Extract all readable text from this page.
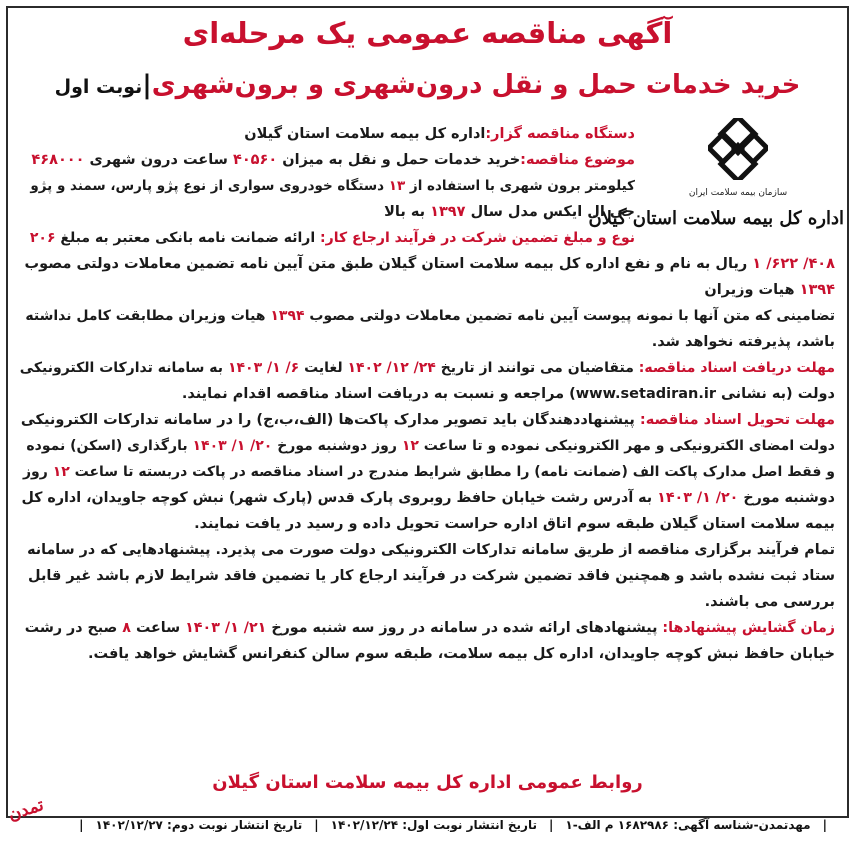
آگهی مناقصه عمومی یک مرحله‌ای
خرید خدمات حمل و نقل درون‌شهری و برون‌شهری|نوبت اول
سازمان بیمه سلامت ایران
اداره کل بیمه سلامت استان گیلان
دستگاه مناقصه گزار:اداره کل بیمه سلامت استان گیلان
موضوع مناقصه:خرید خدمات حمل و نقل به میزان ۴۰۵۶۰ ساعت درون شهری ۴۶۸۰۰۰
کیلومتر برون شهری با استفاده از ۱۳ دستگاه خودروی سواری از نوع پژو پارس، سمند و پژو
جی ال ایکس مدل سال ۱۳۹۷ به بالا
نوع و مبلغ تضمین شرکت در فرآیند ارجاع کار: ارائه ضمانت نامه بانکی معتبر به مبلغ ۲۰۶
۴۰۸/ ۶۲۲/ ۱ ریال به نام و نفع اداره کل بیمه سلامت استان گیلان طبق متن آیین نامه تضمین معاملات دولتی مصوب
۱۳۹۴ هیات وزیران
تضامینی که متن آنها با نمونه پیوست آیین نامه تضمین معاملات دولتی مصوب ۱۳۹۴ هیات وزیران مطابقت کامل نداشته
باشد، پذیرفته نخواهد شد.
مهلت دریافت اسناد مناقصه: متقاضیان می توانند از تاریخ ۲۴/ ۱۲/ ۱۴۰۲ لغایت ۶/ ۱/ ۱۴۰۳ به سامانه تدارکات الکترونیکی
دولت (به نشانی www.setadiran.ir) مراجعه و نسبت به دریافت اسناد مناقصه اقدام نمایند.
مهلت تحویل اسناد مناقصه: پیشنهاددهندگان باید تصویر مدارک پاکت‌ها (الف،ب،ج) را در سامانه تدارکات الکترونیکی
دولت امضای الکترونیکی و مهر الکترونیکی نموده و تا ساعت ۱۲ روز دوشنبه مورخ ۲۰/ ۱/ ۱۴۰۳ بارگذاری (اسکن) نموده
و فقط اصل مدارک پاکت الف (ضمانت نامه) را مطابق شرایط مندرج در اسناد مناقصه در پاکت دربسته تا ساعت ۱۲ روز
دوشنبه مورخ ۲۰/ ۱/ ۱۴۰۳ به آدرس رشت خیابان حافظ روبروی پارک قدس (پارک شهر) نبش کوچه جاویدان، اداره کل
بیمه سلامت استان گیلان طبقه سوم اتاق اداره حراست تحویل داده و رسید در یافت نمایند.
تمام فرآیند برگزاری مناقصه از طریق سامانه تدارکات الکترونیکی دولت صورت می پذیرد. پیشنهادهایی که در سامانه
ستاد ثبت نشده باشد و همچنین فاقد تضمین شرکت در فرآیند ارجاع کار یا تضمین فاقد شرایط لازم باشد غیر قابل
بررسی می باشند.
زمان گشایش پیشنهادها: پیشنهادهای ارائه شده در سامانه در روز سه شنبه مورخ ۲۱/ ۱/ ۱۴۰۳ ساعت ۸ صبح در رشت
خیابان حافظ نبش کوچه جاویدان، اداره کل بیمه سلامت، طبقه سوم سالن کنفرانس گشایش خواهد یافت.
روابط عمومی اداره کل بیمه سلامت استان گیلان
تمدن	|مهدتمدن-شناسه آگهی: ۱۶۸۲۹۸۶ م الف-۱|تاریخ انتشار نوبت اول: ۱۴۰۲/۱۲/۲۴|تاریخ انتشار نوبت دوم: ۱۴۰۲/۱۲/۲۷|
